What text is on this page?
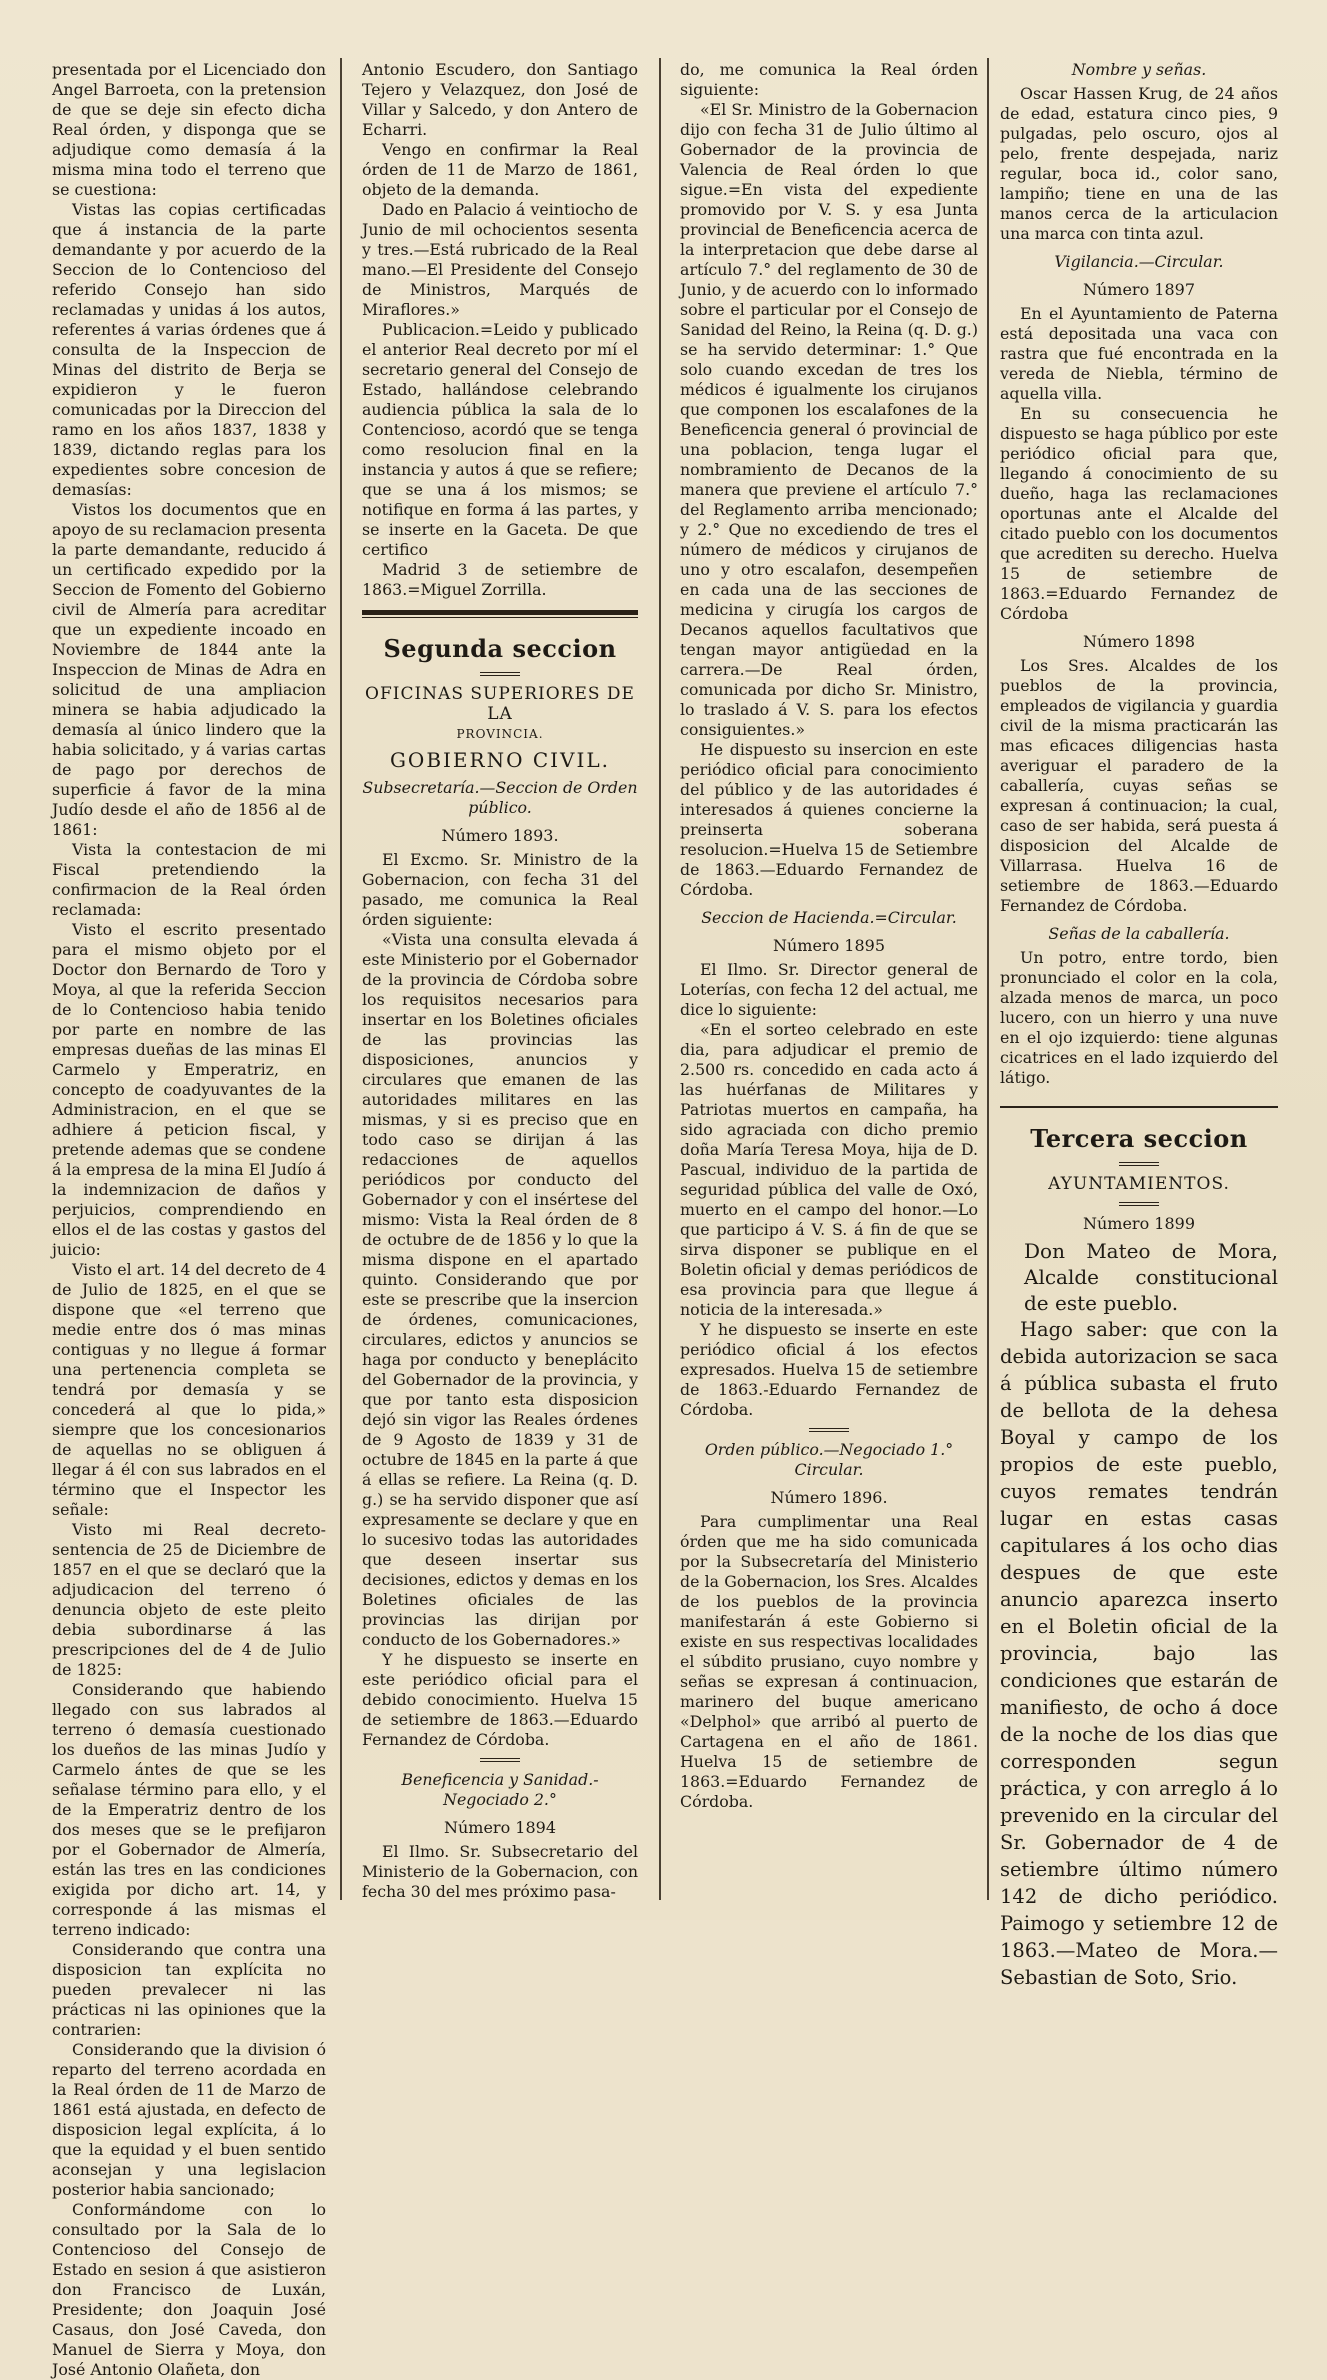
presentada por el Licenciado don Angel Barroeta, con la pretension de que se deje sin efecto dicha Real órden, y disponga que se adjudique como demasía á la misma mina todo el terreno que se cuestiona:

Vistas las copias certificadas que á instancia de la parte demandante y por acuerdo de la Seccion de lo Contencioso del referido Consejo han sido reclamadas y unidas á los autos, referentes á varias órdenes que á consulta de la Inspeccion de Minas del distrito de Berja se expidieron y le fueron comunicadas por la Direccion del ramo en los años 1837, 1838 y 1839, dictando reglas para los expedientes sobre concesion de demasías:

Vistos los documentos que en apoyo de su reclamacion presenta la parte demandante, reducido á un certificado expedido por la Seccion de Fomento del Gobierno civil de Almería para acreditar que un expediente incoado en Noviembre de 1844 ante la Inspeccion de Minas de Adra en solicitud de una ampliacion minera se habia adjudicado la demasía al único lindero que la habia solicitado, y á varias cartas de pago por derechos de superficie á favor de la mina Judío desde el año de 1856 al de 1861:

Vista la contestacion de mi Fiscal pretendiendo la confirmacion de la Real órden reclamada:

Visto el escrito presentado para el mismo objeto por el Doctor don Bernardo de Toro y Moya, al que la referida Seccion de lo Contencioso habia tenido por parte en nombre de las empresas dueñas de las minas El Carmelo y Emperatriz, en concepto de coadyuvantes de la Administracion, en el que se adhiere á peticion fiscal, y pretende ademas que se condene á la empresa de la mina El Judío á la indemnizacion de daños y perjuicios, comprendiendo en ellos el de las costas y gastos del juicio:

Visto el art. 14 del decreto de 4 de Julio de 1825, en el que se dispone que «el terreno que medie entre dos ó mas minas contiguas y no llegue á formar una pertenencia completa se tendrá por demasía y se concederá al que lo pida,» siempre que los concesionarios de aquellas no se obliguen á llegar á él con sus labrados en el término que el Inspector les señale:

Visto mi Real decreto-sentencia de 25 de Diciembre de 1857 en el que se declaró que la adjudicacion del terreno ó denuncia objeto de este pleito debia subordinarse á las prescripciones del de 4 de Julio de 1825:

Considerando que habiendo llegado con sus labrados al terreno ó demasía cuestionado los dueños de las minas Judío y Carmelo ántes de que se les señalase término para ello, y el de la Emperatriz dentro de los dos meses que se le prefijaron por el Gobernador de Almería, están las tres en las condiciones exigida por dicho art. 14, y corresponde á las mismas el terreno indicado:

Considerando que contra una disposicion tan explícita no pueden prevalecer ni las prácticas ni las opiniones que la contrarien:

Considerando que la division ó reparto del terreno acordada en la Real órden de 11 de Marzo de 1861 está ajustada, en defecto de disposicion legal explícita, á lo que la equidad y el buen sentido aconsejan y una legislacion posterior habia sancionado;

Conformándome con lo consultado por la Sala de lo Contencioso del Consejo de Estado en sesion á que asistieron don Francisco de Luxán, Presidente; don Joaquin José Casaus, don José Caveda, don Manuel de Sierra y Moya, don José Antonio Olañeta, don

Antonio Escudero, don Santiago Tejero y Velazquez, don José de Villar y Salcedo, y don Antero de Echarri.

Vengo en confirmar la Real órden de 11 de Marzo de 1861, objeto de la demanda.

Dado en Palacio á veintiocho de Junio de mil ochocientos sesenta y tres.—Está rubricado de la Real mano.—El Presidente del Consejo de Ministros, Marqués de Miraflores.»

Publicacion.=Leido y publicado el anterior Real decreto por mí el secretario general del Consejo de Estado, hallándose celebrando audiencia pública la sala de lo Contencioso, acordó que se tenga como resolucion final en la instancia y autos á que se refiere; que se una á los mismos; se notifique en forma á las partes, y se inserte en la Gaceta. De que certifico

Madrid 3 de setiembre de 1863.=Miguel Zorrilla.

Segunda seccion
OFICINAS SUPERIORES DE LA
PROVINCIA.
GOBIERNO CIVIL.
Subsecretaría.—Seccion de Orden público.
Número 1893.

El Excmo. Sr. Ministro de la Gobernacion, con fecha 31 del pasado, me comunica la Real órden siguiente:

«Vista una consulta elevada á este Ministerio por el Gobernador de la provincia de Córdoba sobre los requisitos necesarios para insertar en los Boletines oficiales de las provincias las disposiciones, anuncios y circulares que emanen de las autoridades militares en las mismas, y si es preciso que en todo caso se dirijan á las redacciones de aquellos periódicos por conducto del Gobernador y con el insértese del mismo: Vista la Real órden de 8 de octubre de de 1856 y lo que la misma dispone en el apartado quinto. Considerando que por este se prescribe que la insercion de órdenes, comunicaciones, circulares, edictos y anuncios se haga por conducto y beneplácito del Gobernador de la provincia, y que por tanto esta disposicion dejó sin vigor las Reales órdenes de 9 Agosto de 1839 y 31 de octubre de 1845 en la parte á que á ellas se refiere. La Reina (q. D. g.) se ha servido disponer que así expresamente se declare y que en lo sucesivo todas las autoridades que deseen insertar sus decisiones, edictos y demas en los Boletines oficiales de las provincias las dirijan por conducto de los Gobernadores.»

Y he dispuesto se inserte en este periódico oficial para el debido conocimiento. Huelva 15 de setiembre de 1863.—Eduardo Fernandez de Córdoba.

Beneficencia y Sanidad.-Negociado 2.°
Número 1894

El Ilmo. Sr. Subsecretario del Ministerio de la Gobernacion, con fecha 30 del mes próximo pasa-

do, me comunica la Real órden siguiente:

«El Sr. Ministro de la Gobernacion dijo con fecha 31 de Julio último al Gobernador de la provincia de Valencia de Real órden lo que sigue.=En vista del expediente promovido por V. S. y esa Junta provincial de Beneficencia acerca de la interpretacion que debe darse al artículo 7.° del reglamento de 30 de Junio, y de acuerdo con lo informado sobre el particular por el Consejo de Sanidad del Reino, la Reina (q. D. g.) se ha servido determinar: 1.° Que solo cuando excedan de tres los médicos é igualmente los cirujanos que componen los escalafones de la Beneficencia general ó provincial de una poblacion, tenga lugar el nombramiento de Decanos de la manera que previene el artículo 7.° del Reglamento arriba mencionado; y 2.° Que no excediendo de tres el número de médicos y cirujanos de uno y otro escalafon, desempeñen en cada una de las secciones de medicina y cirugía los cargos de Decanos aquellos facultativos que tengan mayor antigüedad en la carrera.—De Real órden, comunicada por dicho Sr. Ministro, lo traslado á V. S. para los efectos consiguientes.»

He dispuesto su insercion en este periódico oficial para conocimiento del público y de las autoridades é interesados á quienes concierne la preinserta soberana resolucion.=Huelva 15 de Setiembre de 1863.—Eduardo Fernandez de Córdoba.

Seccion de Hacienda.=Circular.
Número 1895

El Ilmo. Sr. Director general de Loterías, con fecha 12 del actual, me dice lo siguiente:

«En el sorteo celebrado en este dia, para adjudicar el premio de 2.500 rs. concedido en cada acto á las huérfanas de Militares y Patriotas muertos en campaña, ha sido agraciada con dicho premio doña María Teresa Moya, hija de D. Pascual, individuo de la partida de seguridad pública del valle de Oxó, muerto en el campo del honor.—Lo que participo á V. S. á fin de que se sirva disponer se publique en el Boletin oficial y demas periódicos de esa provincia para que llegue á noticia de la interesada.»

Y he dispuesto se inserte en este periódico oficial á los efectos expresados. Huelva 15 de setiembre de 1863.-Eduardo Fernandez de Córdoba.

Orden público.—Negociado 1.° Circular.
Número 1896.

Para cumplimentar una Real órden que me ha sido comunicada por la Subsecretaría del Ministerio de la Gobernacion, los Sres. Alcaldes de los pueblos de la provincia manifestarán á este Gobierno si existe en sus respectivas localidades el súbdito prusiano, cuyo nombre y señas se expresan á continuacion, marinero del buque americano «Delphol» que arribó al puerto de Cartagena en el año de 1861. Huelva 15 de setiembre de 1863.=Eduardo Fernandez de Córdoba.

Nombre y señas.

Oscar Hassen Krug, de 24 años de edad, estatura cinco pies, 9 pulgadas, pelo oscuro, ojos al pelo, frente despejada, nariz regular, boca id., color sano, lampiño; tiene en una de las manos cerca de la articulacion una marca con tinta azul.

Vigilancia.—Circular.
Número 1897

En el Ayuntamiento de Paterna está depositada una vaca con rastra que fué encontrada en la vereda de Niebla, término de aquella villa.

En su consecuencia he dispuesto se haga público por este periódico oficial para que, llegando á conocimiento de su dueño, haga las reclamaciones oportunas ante el Alcalde del citado pueblo con los documentos que acrediten su derecho. Huelva 15 de setiembre de 1863.=Eduardo Fernandez de Córdoba

Número 1898

Los Sres. Alcaldes de los pueblos de la provincia, empleados de vigilancia y guardia civil de la misma practicarán las mas eficaces diligencias hasta averiguar el paradero de la caballería, cuyas señas se expresan á continuacion; la cual, caso de ser habida, será puesta á disposicion del Alcalde de Villarrasa. Huelva 16 de setiembre de 1863.—Eduardo Fernandez de Córdoba.

Señas de la caballería.

Un potro, entre tordo, bien pronunciado el color en la cola, alzada menos de marca, un poco lucero, con un hierro y una nuve en el ojo izquierdo: tiene algunas cicatrices en el lado izquierdo del látigo.

Tercera seccion
AYUNTAMIENTOS.
Número 1899

Don Mateo de Mora, Alcalde constitucional de este pueblo.

Hago saber: que con la debida autorizacion se saca á pública subasta el fruto de bellota de la dehesa Boyal y campo de los propios de este pueblo, cuyos remates tendrán lugar en estas casas capitulares á los ocho dias despues de que este anuncio aparezca inserto en el Boletin oficial de la provincia, bajo las condiciones que estarán de manifiesto, de ocho á doce de la noche de los dias que corresponden segun práctica, y con arreglo á lo prevenido en la circular del Sr. Gobernador de 4 de setiembre último número 142 de dicho periódico. Paimogo y setiembre 12 de 1863.—Mateo de Mora.—Sebastian de Soto, Srio.
